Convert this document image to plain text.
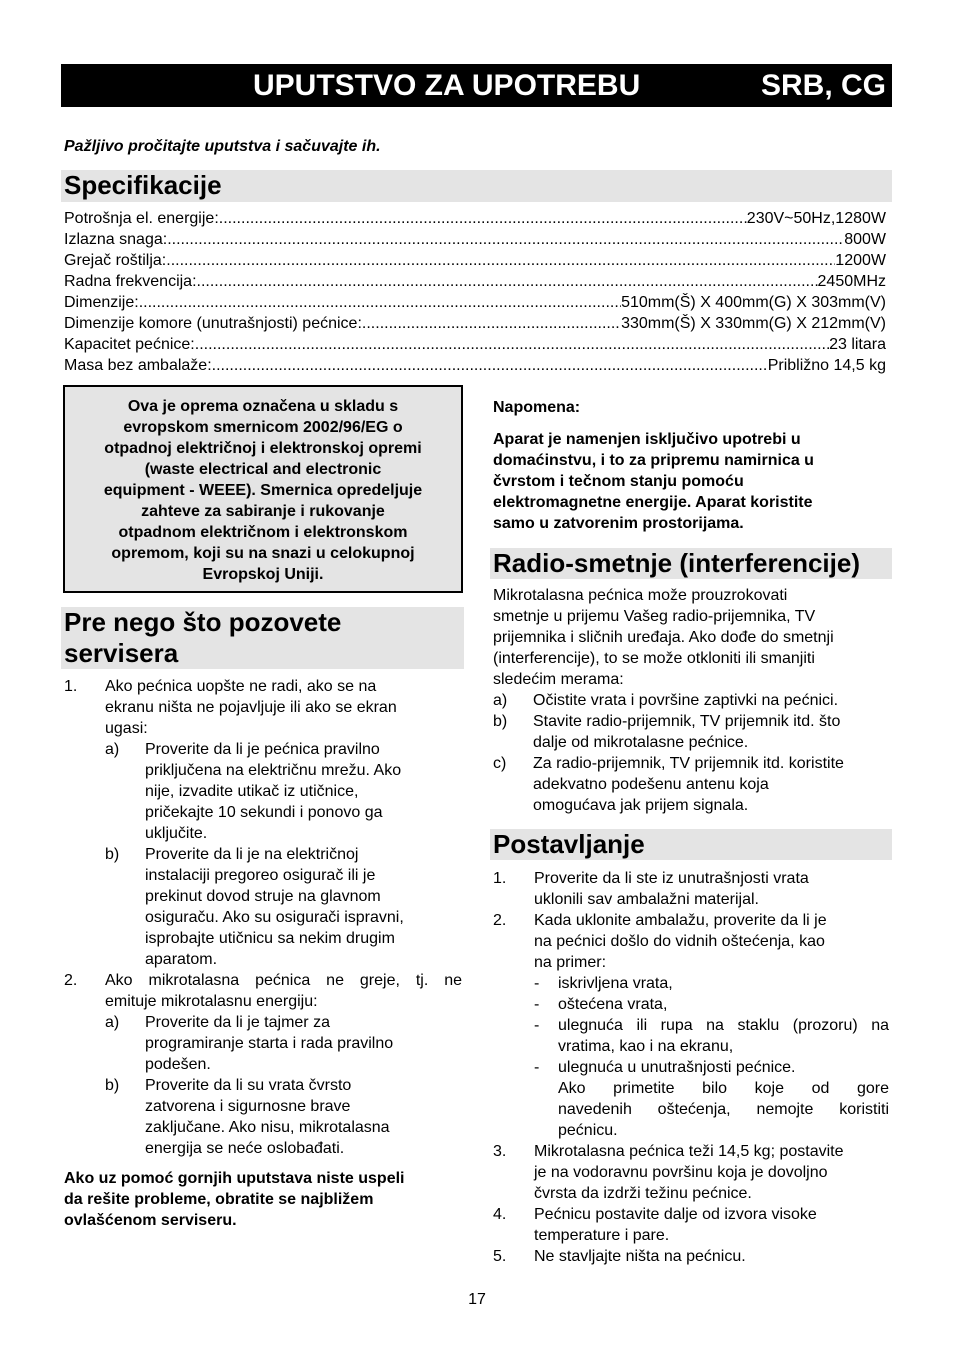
UPUTSTVO ZA UPOTREBU	SRB, CG
Pažljivo pročitajte uputstva i sačuvajte ih.
Specifikacije
Potrošnja el. energije: .....	230V~50Hz,1280W
Izlazna snaga: .....	800W
Grejač roštilja: .....	1200W
Radna frekvencija: .....	2450MHz
Dimenzije: .....	510mm(Š) X 400mm(G) X 303mm(V)
Dimenzije komore (unutrašnjosti) pećnice: .....	330mm(Š) X 330mm(G) X 212mm(V)
Kapacitet pećnice: .....	23 litara
Masa bez ambalaže: .....	Približno 14,5 kg
Ova je oprema označena u skladu s
evropskom smernicom 2002/96/EG o
otpadnoj električnoj i elektronskoj opremi
(waste electrical and electronic
equipment - WEEE). Smernica opredeljuje
zahteve za sabiranje i rukovanje
otpadnom električnom i elektronskom
opremom, koji su na snazi u celokupnoj
Evropskoj Uniji.
Pre nego što pozovete
servisera
1. Ako pećnica uopšte ne radi, ako se na
ekranu ništa ne pojavljuje ili ako se ekran
ugasi:
a) Proverite da li je pećnica pravilno
priključena na električnu mrežu. Ako
nije, izvadite utikač iz utičnice,
pričekajte 10 sekundi i ponovo ga
uključite.
b) Proverite da li je na električnoj
instalaciji pregoreo osigurač ili je
prekinut dovod struje na glavnom
osiguraču. Ako su osigurači ispravni,
isprobajte utičnicu sa nekim drugim
aparatom.
2. Ako mikrotalasna pećnica ne greje, tj. ne
emituje mikrotalasnu energiju:
a) Proverite da li je tajmer za
programiranje starta i rada pravilno
podešen.
b) Proverite da li su vrata čvrsto
zatvorena i sigurnosne brave
zaključane. Ako nisu, mikrotalasna
energija se neće oslobađati.
Ako uz pomoć gornjih uputstava niste uspeli
da rešite probleme, obratite se najbližem
ovlašćenom serviseru.
Napomena:
Aparat je namenjen isključivo upotrebi u
domaćinstvu, i to za pripremu namirnica u
čvrstom i tečnom stanju pomoću
elektromagnetne energije. Aparat koristite
samo u zatvorenim prostorijama.
Radio-smetnje (interferencije)
Mikrotalasna pećnica može prouzrokovati
smetnje u prijemu Vašeg radio-prijemnika, TV
prijemnika i sličnih uređaja. Ako dođe do smetnji
(interferencije), to se može otkloniti ili smanjiti
sledećim merama:
a) Očistite vrata i površine zaptivki na pećnici.
b) Stavite radio-prijemnik, TV prijemnik itd. što
dalje od mikrotalasne pećnice.
c) Za radio-prijemnik, TV prijemnik itd. koristite
adekvatno podešenu antenu koja
omogućava jak prijem signala.
Postavljanje
1. Proverite da li ste iz unutrašnjosti vrata
uklonili sav ambalažni materijal.
2. Kada uklonite ambalažu, proverite da li je
na pećnici došlo do vidnih oštećenja, kao
na primer:
- iskrivljena vrata,
- oštećena vrata,
- ulegnuća ili rupa na staklu (prozoru) na
vratima, kao i na ekranu,
- ulegnuća u unutrašnjosti pećnice.
Ako primetite bilo koje od gore
navedenih oštećenja, nemojte koristiti
pećnicu.
3. Mikrotalasna pećnica teži 14,5 kg; postavite
je na vodoravnu površinu koja je dovoljno
čvrsta da izdrži težinu pećnice.
4. Pećnicu postavite dalje od izvora visoke
temperature i pare.
5. Ne stavljajte ništa na pećnicu.
17
